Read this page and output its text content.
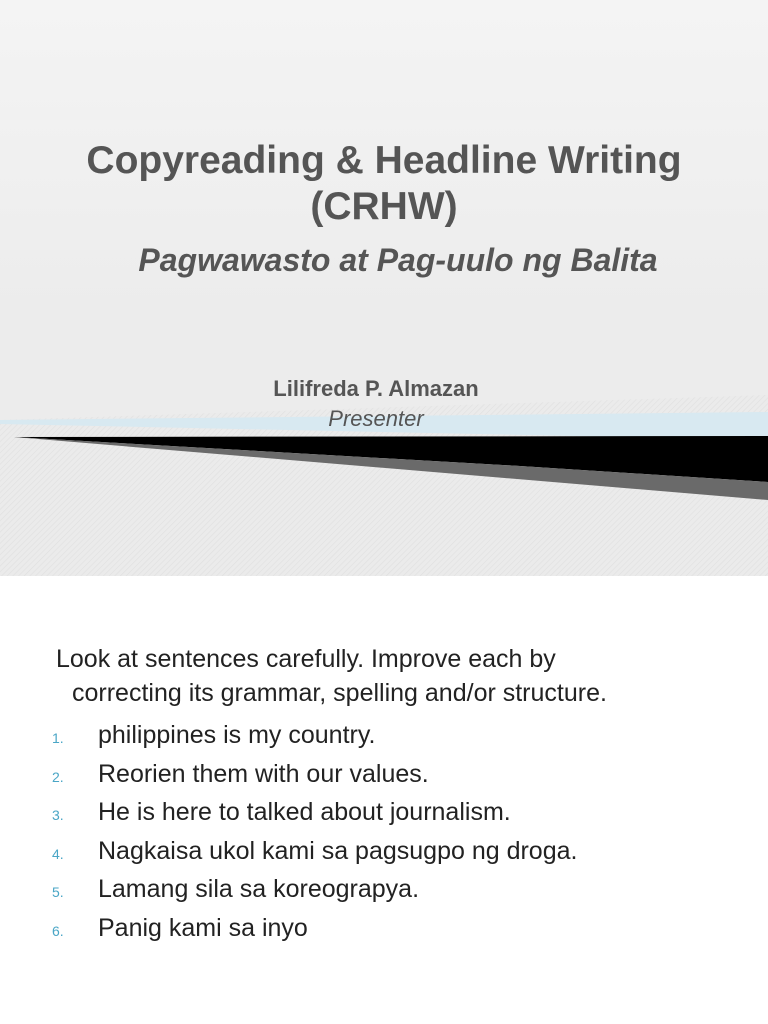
Copyreading & Headline Writing
(CRHW)
Pagwawasto at Pag-uulo ng Balita
Lilifreda P. Almazan
Presenter

Look at sentences carefully. Improve each by
correcting its grammar, spelling and/or structure.

1.	philippines is my country.
2.	Reorien them with our values.
3.	He is here to talked about journalism.
4.	Nagkaisa ukol kami sa pagsugpo ng droga.
5.	Lamang sila sa koreograpya.
6.	Panig kami sa inyo
